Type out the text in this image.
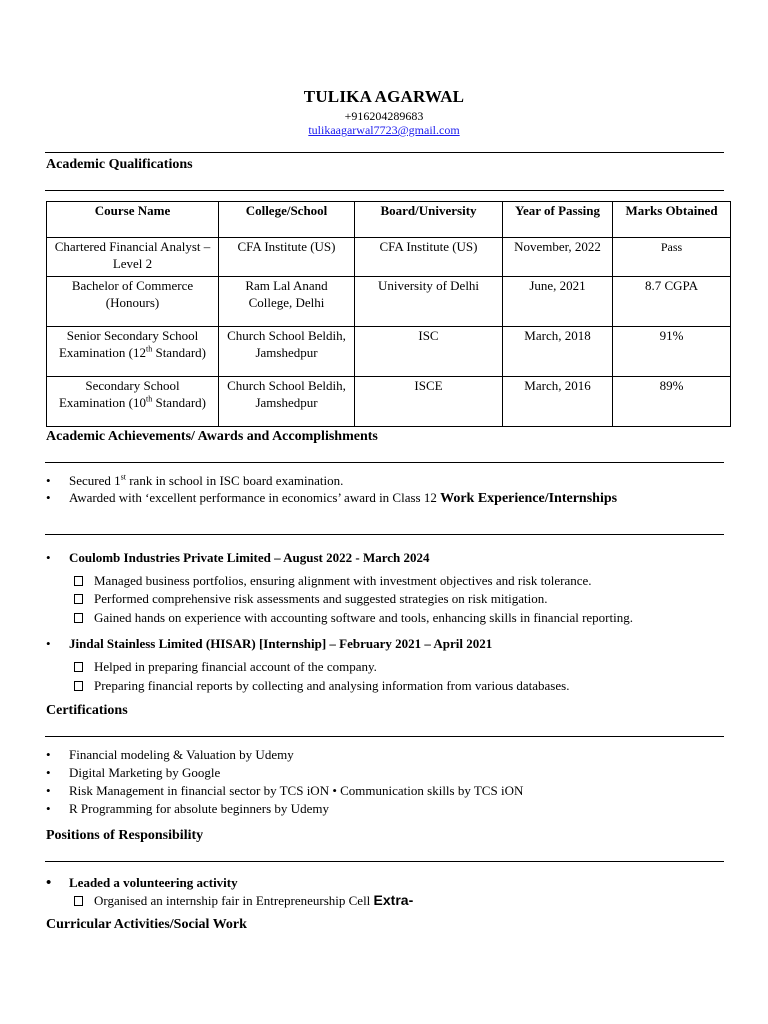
TULIKA AGARWAL
+916204289683
tulikaagarwal7723@gmail.com
Academic Qualifications
Course Name	College/School	Board/University	Year of Passing	Marks Obtained
Chartered Financial Analyst – Level 2	CFA Institute (US)	CFA Institute (US)	November, 2022	Pass
Bachelor of Commerce (Honours)	Ram Lal Anand College, Delhi	University of Delhi	June, 2021	8.7 CGPA
Senior Secondary School Examination (12th Standard)	Church School Beldih, Jamshedpur	ISC	March, 2018	91%
Secondary School Examination (10th Standard)	Church School Beldih, Jamshedpur	ISCE	March, 2016	89%
Academic Achievements/ Awards and Accomplishments
• Secured 1st rank in school in ISC board examination.
• Awarded with ‘excellent performance in economics’ award in Class 12 Work Experience/Internships
• Coulomb Industries Private Limited – August 2022 - March 2024
Managed business portfolios, ensuring alignment with investment objectives and risk tolerance.
Performed comprehensive risk assessments and suggested strategies on risk mitigation.
Gained hands on experience with accounting software and tools, enhancing skills in financial reporting.
• Jindal Stainless Limited (HISAR) [Internship] – February 2021 – April 2021
Helped in preparing financial account of the company.
Preparing financial reports by collecting and analysing information from various databases.
Certifications
• Financial modeling & Valuation by Udemy
• Digital Marketing by Google
• Risk Management in financial sector by TCS iON • Communication skills by TCS iON
• R Programming for absolute beginners by Udemy
Positions of Responsibility
• Leaded a volunteering activity
Organised an internship fair in Entrepreneurship Cell Extra-
Curricular Activities/Social Work
